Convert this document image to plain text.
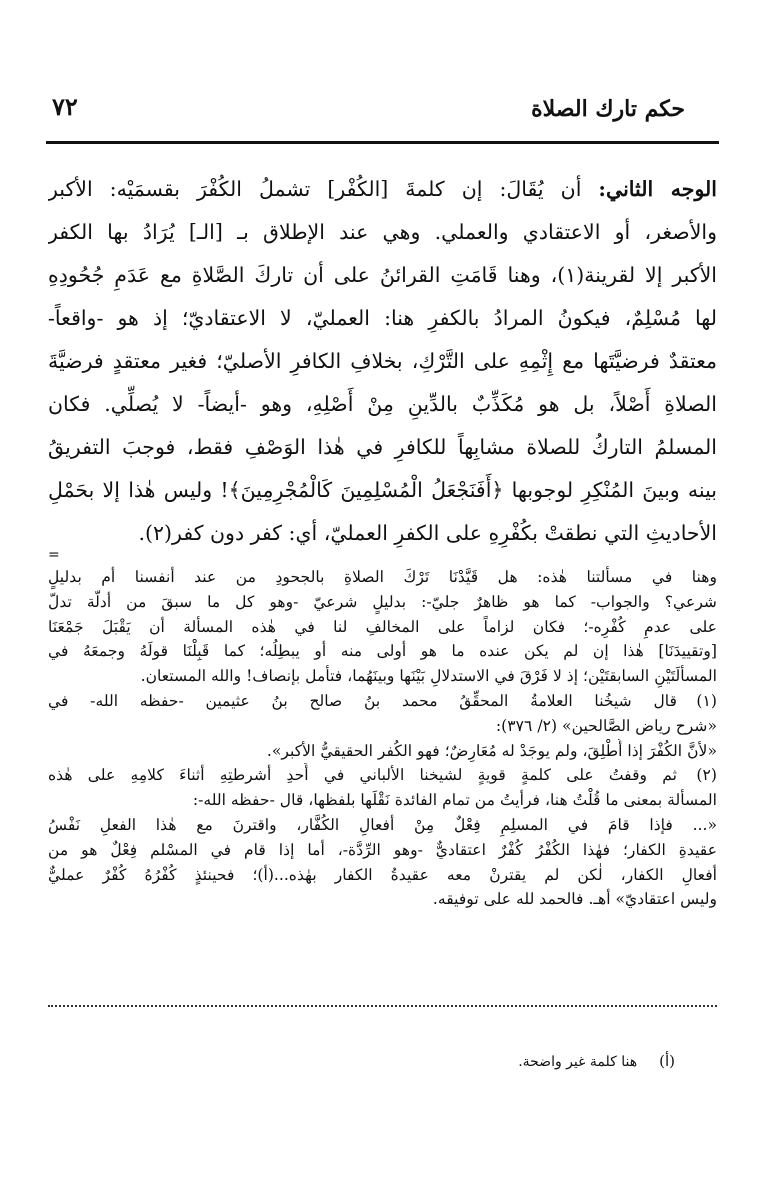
حكم تارك الصلاة
٧٢
الوجه الثاني: أن يُقَالَ: إن كلمةَ [الكُفْر] تشملُ الكُفْرَ بقسمَيْه: الأكبر
والأصغر، أو الاعتقادي والعملي. وهي عند الإطلاق بـ [الـ] يُرَادُ بها الكفر
الأكبر إلا لقرينة(١)، وهنا قَامَتِ القرائنُ على أن تاركَ الصَّلاةِ مع عَدَمِ جُحُودِهِ
لها مُسْلِمٌ، فيكونُ المرادُ بالكفرِ هنا: العمليّ، لا الاعتقاديّ؛ إذ هو -واقعاً-
معتقدٌ فرضيَّتَها مع إِثْمِهِ على التَّرْكِ، بخلافِ الكافرِ الأصليّ؛ فغير معتقدٍ فرضيَّةَ
الصلاةِ أَصْلاً، بل هو مُكَذِّبٌ بالدِّينِ مِنْ أَصْلِهِ، وهو -أيضاً- لا يُصلِّي. فكان
المسلمُ التاركُ للصلاة مشابِهاً للكافرِ في هٰذا الوَصْفِ فقط، فوجبَ التفريقُ
بينه وبينَ المُنْكِرِ لوجوبها ﴿أَفَنَجْعَلُ الْمُسْلِمِينَ كَالْمُجْرِمِينَ﴾! وليس هٰذا إلا بحَمْلِ
الأحاديثِ التي نطقتْ بكُفْرِهِ على الكفرِ العمليّ، أي: كفر دون كفر(٢).
=
وهنا في مسألتنا هٰذه: هل قَيَّدْنَا تَرْكَ الصلاةِ بالجحودِ من عند أنفسنا أم بدليلٍ
شرعي؟ والجواب- كما هو ظاهرٌ جليّ-: بدليلٍ شرعيّ -وهو كل ما سبقَ من أدلّة تدلّ
على عدمِ كُفْرِه-؛ فكان لزاماً على المخالفِ لنا في هٰذه المسألة أن يَقْبَلَ جَمْعَنَا
[وتقييدَنَا] هٰذا إن لم يكن عنده ما هو أولى منه أو يبطِلُه؛ كما قَبِلْنَا قولَهُ وجمعَهُ في
المسألَتَيْنِ السابقتَيْن؛ إذ لا فَرْقَ في الاستدلالِ بَيْنَها وبينَهُما، فتأمل بإنصاف! والله المستعان.
(١)قال شيخُنا العلامةُ المحقِّقُ محمد بنُ صالح بنُ عثيمين -حفظه الله- في
«شرح رياض الصَّالحين» (٢/ ٣٧٦):
«لأنَّ الكُفْرَ إذا أُطْلِقَ، ولم يوجَدْ له مُعَارِضٌ؛ فهو الكُفر الحقيقيُّ الأكبر».
(٢)ثم وقفتُ على كلمةٍ قويةٍ لشيخنا الألباني في أَحدِ أشرطتِهِ أثناءَ كلامِهِ على هٰذه
المسألة بمعنى ما قُلْتُ هنا، فرأيتُ من تمام الفائدة نَقْلَها بلفظها، قال -حفظه الله-:
«... فإذا قامَ في المسلِمِ فِعْلٌ مِنْ أفعالِ الكُفَّار، واقترنَ مع هٰذا الفعلِ نَفْسُ
عقيدةِ الكفار؛ فهٰذا الكُفْرُ كُفْرٌ اعتقاديٌّ -وهو الرِّدَّة-، أما إذا قام في المسْلم فِعْلٌ هو من
أفعالِ الكفار، لٰكن لم يقترنْ معه عقيدةُ الكفار بهٰذه...(أ)؛ فحينئذٍ كُفْرُهُ كُفْرٌ عمليٌّ
وليس اعتقاديّ» أهـ. فالحمد لله على توفيقه.
(أ)هنا كلمة غير واضحة.
